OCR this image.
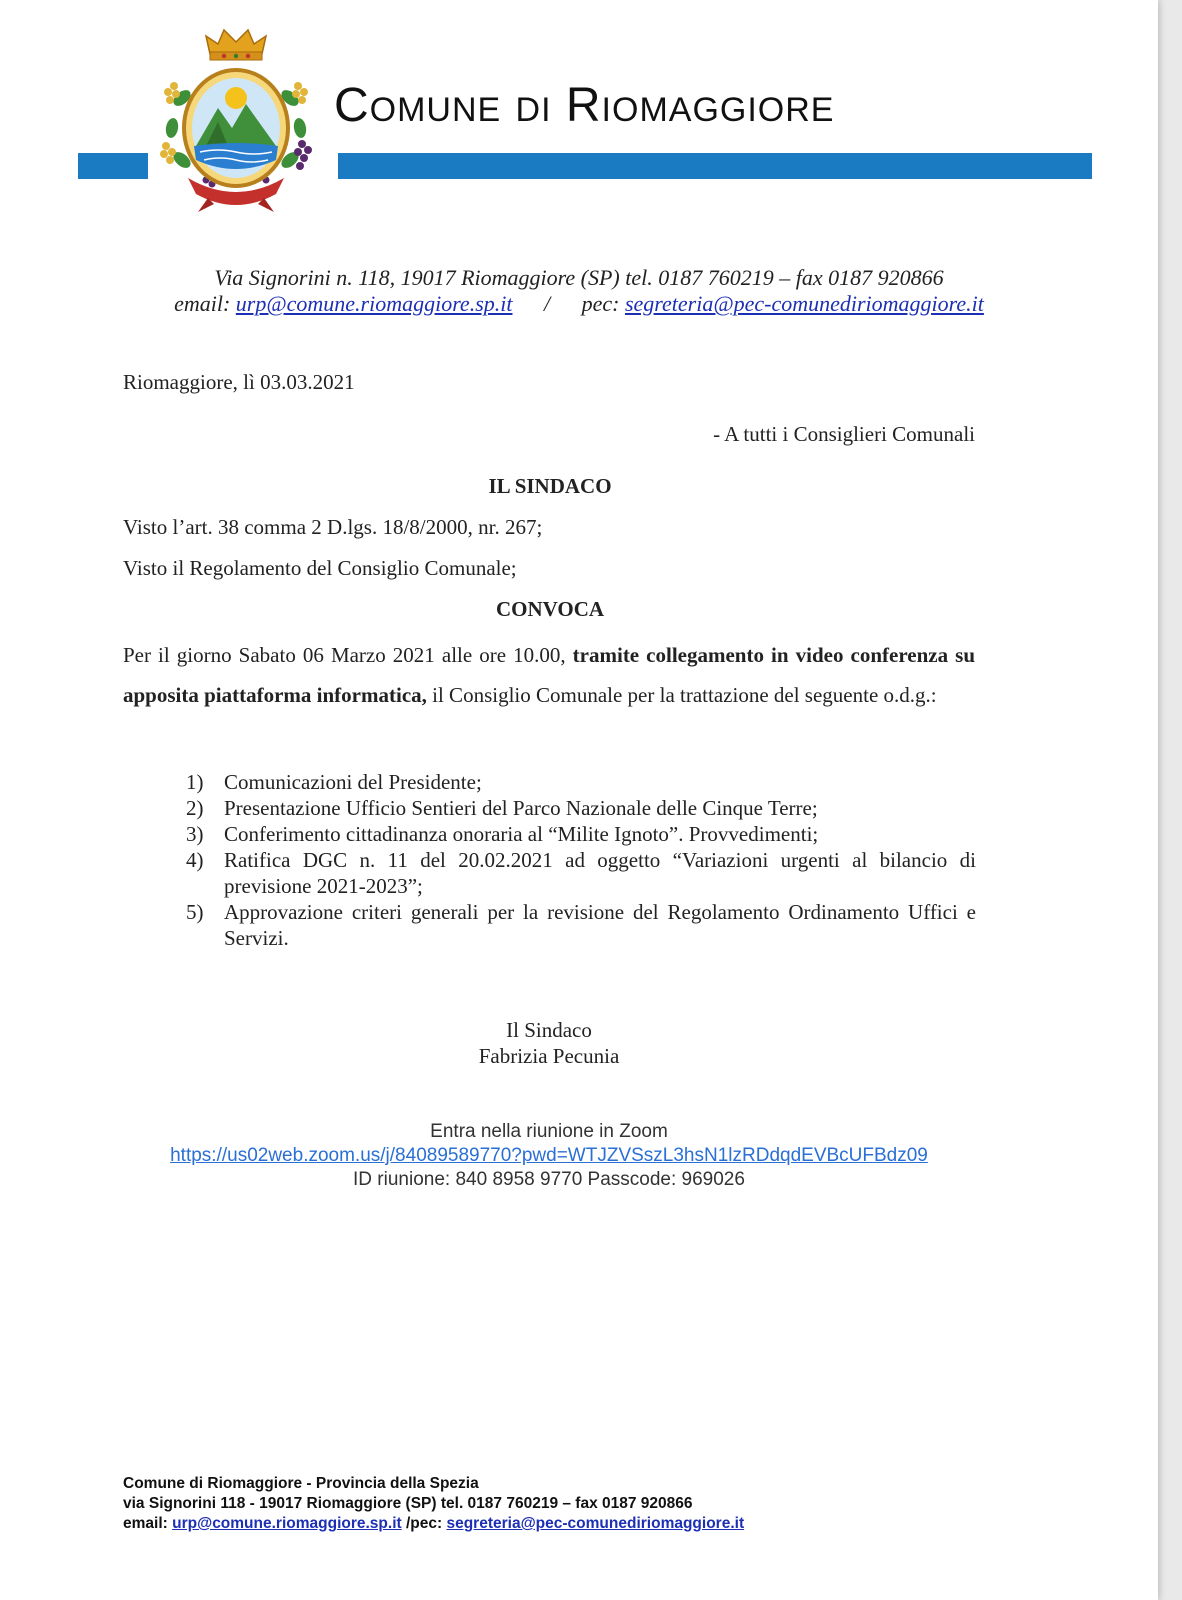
Comune di Riomaggiore
Via Signorini n. 118, 19017 Riomaggiore (SP) tel. 0187 760219 – fax 0187 920866
email: urp@comune.riomaggiore.sp.it / pec: segreteria@pec-comunediriomaggiore.it
Riomaggiore, lì 03.03.2021
- A tutti i Consiglieri Comunali
IL SINDACO
Visto l’art. 38 comma 2 D.lgs. 18/8/2000, nr. 267;
Visto il Regolamento del Consiglio Comunale;
CONVOCA
Per il giorno Sabato 06 Marzo 2021 alle ore 10.00, tramite collegamento in video conferenza su apposita piattaforma informatica, il Consiglio Comunale per la trattazione del seguente o.d.g.:
1) Comunicazioni del Presidente;
2) Presentazione Ufficio Sentieri del Parco Nazionale delle Cinque Terre;
3) Conferimento cittadinanza onoraria al “Milite Ignoto”. Provvedimenti;
4) Ratifica DGC n. 11 del 20.02.2021 ad oggetto “Variazioni urgenti al bilancio di previsione 2021-2023”;
5) Approvazione criteri generali per la revisione del Regolamento Ordinamento Uffici e Servizi.
Il Sindaco
Fabrizia Pecunia
Entra nella riunione in Zoom
https://us02web.zoom.us/j/84089589770?pwd=WTJZVSszL3hsN1lzRDdqdEVBcUFBdz09
ID riunione: 840 8958 9770 Passcode: 969026
Comune di Riomaggiore - Provincia della Spezia
via Signorini 118 - 19017 Riomaggiore (SP) tel. 0187 760219 – fax 0187 920866
email: urp@comune.riomaggiore.sp.it /pec: segreteria@pec-comunediriomaggiore.it
